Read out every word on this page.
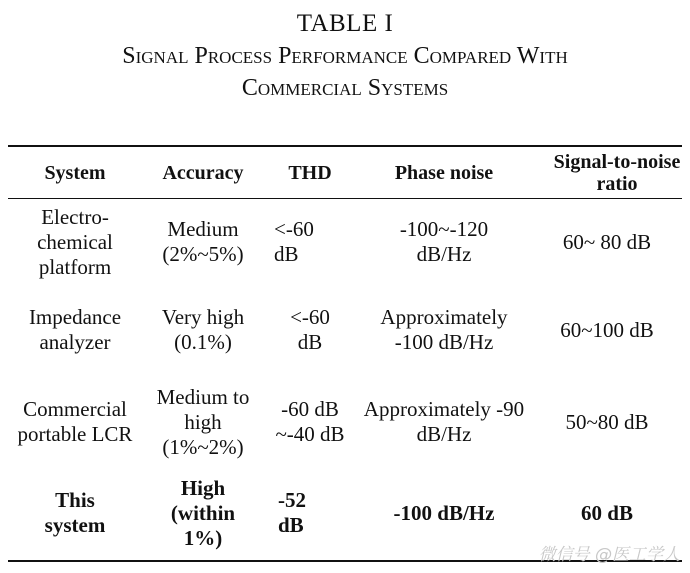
TABLE I
Signal Process Performance Compared With
Commercial Systems
System	Accuracy	THD	Phase noise	Signal-to-noise ratio
Electro-chemical platform	Medium (2%~5%)	<-60 dB	-100~-120 dB/Hz	60~ 80 dB
Impedance analyzer	Very high (0.1%)	<-60 dB	Approximately -100 dB/Hz	60~100 dB
Commercial portable LCR	Medium to high (1%~2%)	-60 dB ~-40 dB	Approximately -90 dB/Hz	50~80 dB
This system	High (within 1%)	-52 dB	-100 dB/Hz	60 dB
微信号 @医工学人
